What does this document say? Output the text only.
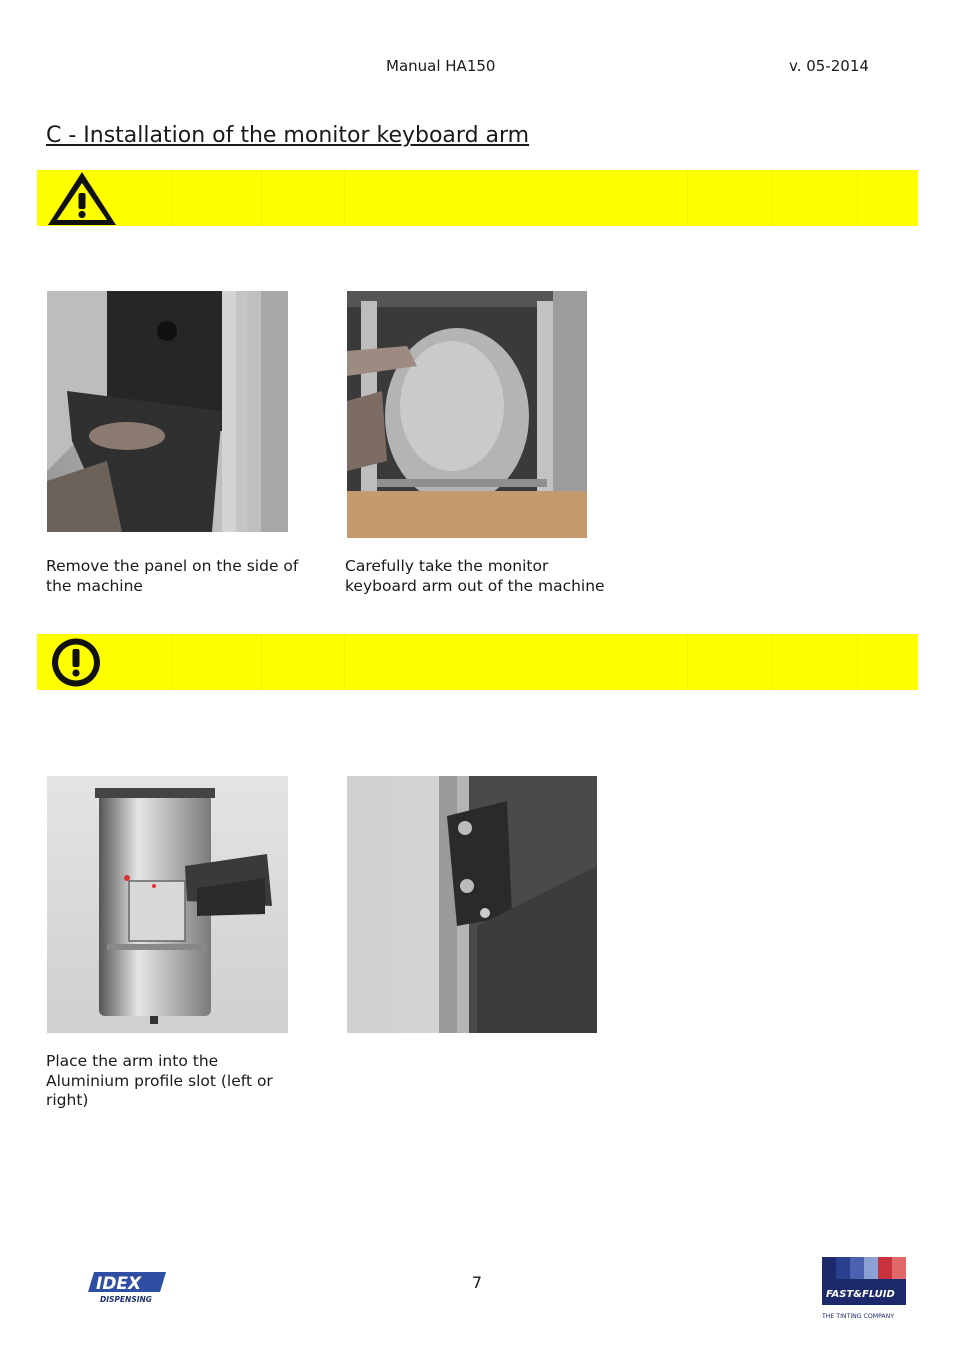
Manual HA150	v. 05-2014
C - Installation of the monitor keyboard arm
Remove the panel on the side of the machine
Carefully take the monitor keyboard arm out of the machine
Place the arm into the Aluminium profile slot (left or right)
IDEX
DISPENSING
7
FAST&FLUID
THE TINTING COMPANY
